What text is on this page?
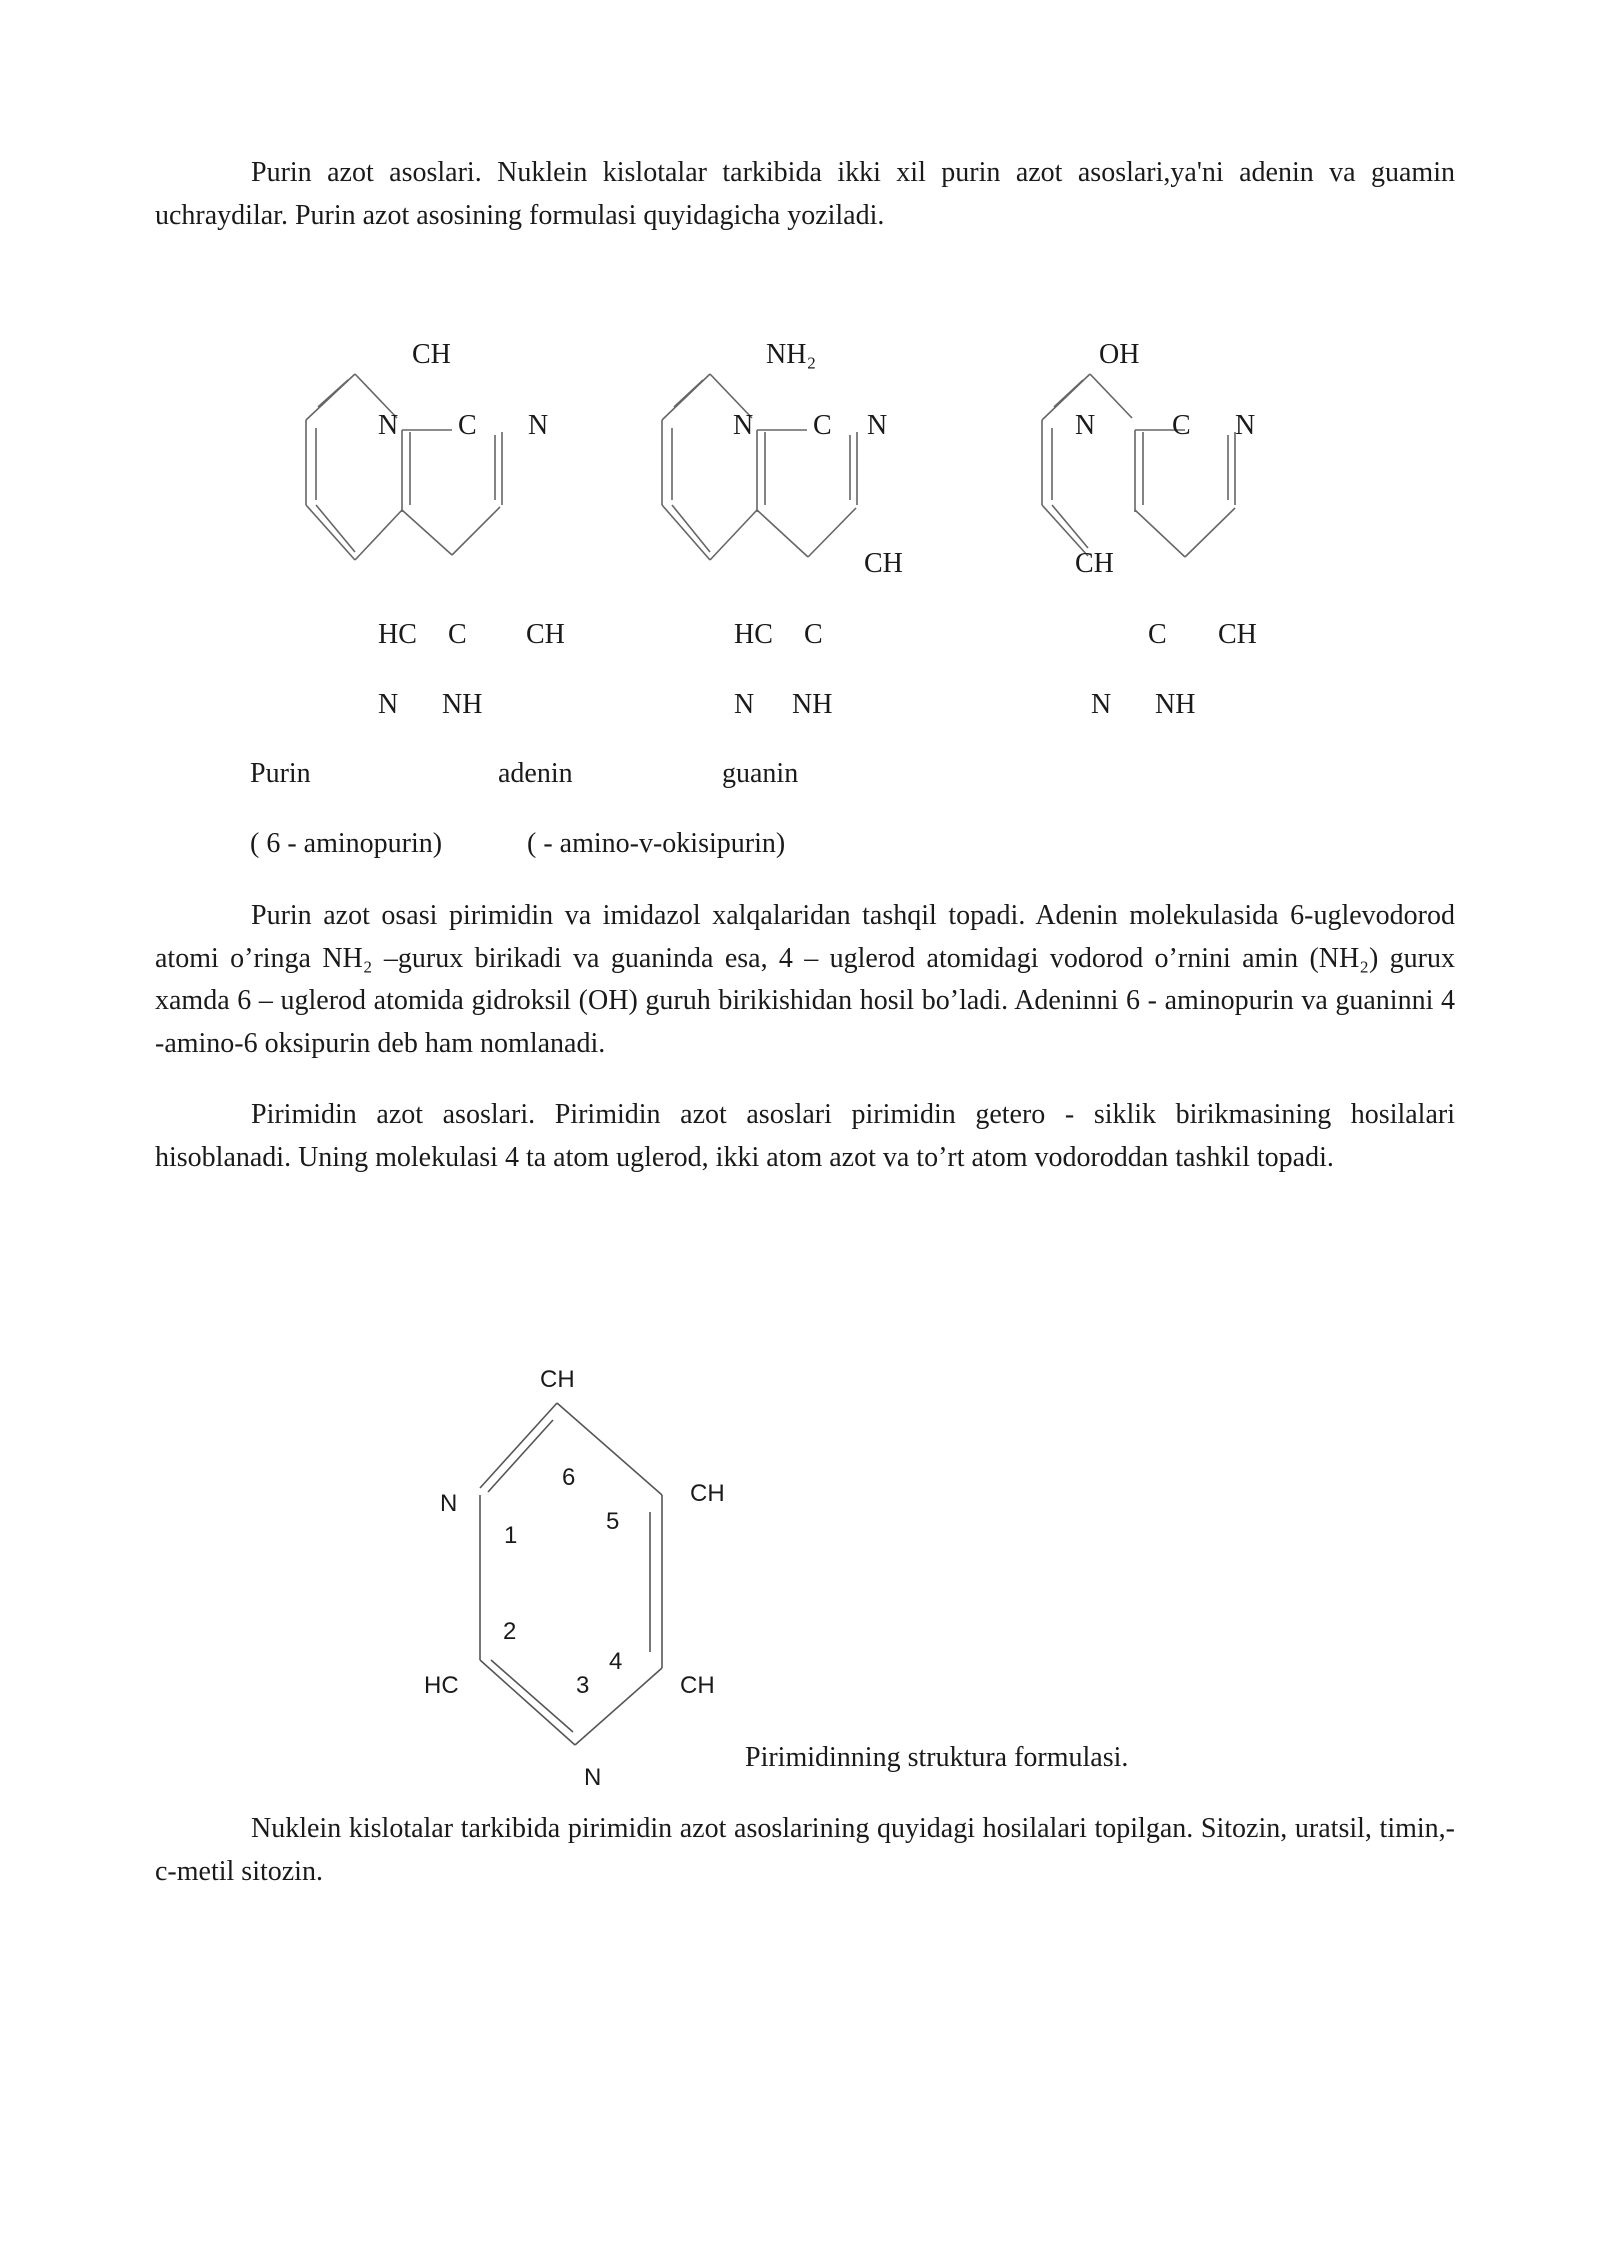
Purin azot asoslari. Nuklein kislotalar tarkibida ikki xil purin azot asoslari,ya'ni adenin va guamin uchraydilar. Purin azot asosining formulasi quyidagicha yoziladi.

CH
N C N
HC C CH
N NH
NH₂
N C N
CH
HC C
N NH
OH
N	C N
CH
C CH
N NH
Purin	adenin	guanin
( 6 - aminopurin)	( - amino-v-okisipurin)

Purin azot osasi pirimidin va imidazol xalqalaridan tashqil topadi. Adenin molekulasida 6-uglevodorod atomi o’ringa NH₂ –gurux birikadi va guaninda esa, 4 – uglerod atomidagi vodorod o’rnini amin (NH₂) gurux xamda 6 – uglerod atomida gidroksil (OH) guruh birikishidan hosil bo’ladi. Adeninni 6 - aminopurin va guaninni 4 -amino-6 oksipurin deb ham nomlanadi.

Pirimidin azot asoslari. Pirimidin azot asoslari pirimidin getero - siklik birikmasining hosilalari hisoblanadi. Uning molekulasi 4 ta atom uglerod, ikki atom azot va to’rt atom vodoroddan tashkil topadi.

CH
N	CH
HC	CH
N
6
5
1
2
4
3
Pirimidinning struktura formulasi.

Nuklein kislotalar tarkibida pirimidin azot asoslarining quyidagi hosilalari topilgan. Sitozin, uratsil, timin,- c-metil sitozin.
